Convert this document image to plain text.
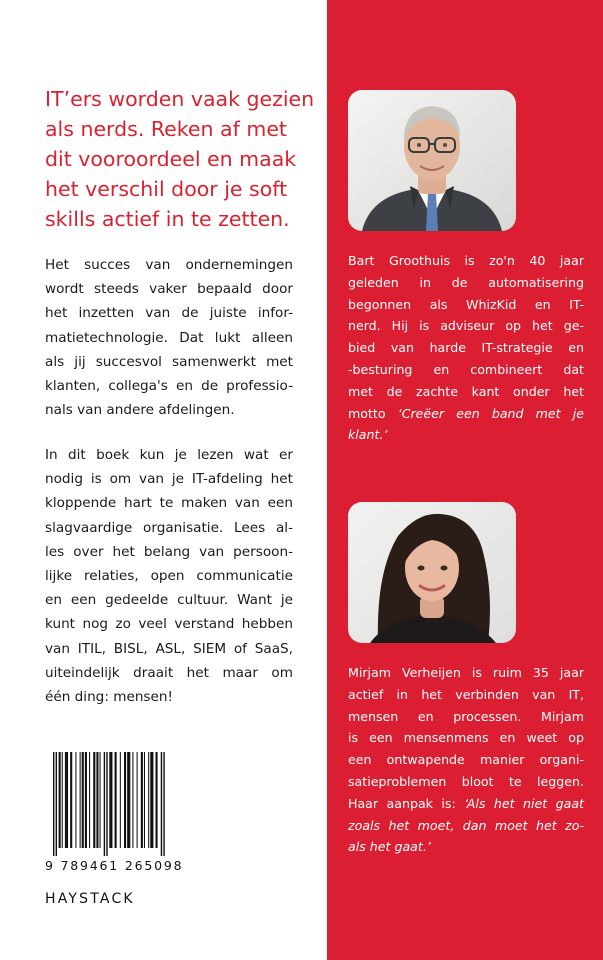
IT’ers worden vaak gezien
als nerds. Reken af met
dit vooroordeel en maak
het verschil door je soft
skills actief in te zetten.

Het succes van ondernemingen
wordt steeds vaker bepaald door
het inzetten van de juiste infor-
matietechnologie. Dat lukt alleen
als jij succesvol samenwerkt met
klanten, collega's en de professio-
nals van andere afdelingen.

In dit boek kun je lezen wat er
nodig is om van je IT-afdeling het
kloppende hart te maken van een
slagvaardige organisatie. Lees al-
les over het belang van persoon-
lijke relaties, open communicatie
en een gedeelde cultuur. Want je
kunt nog zo veel verstand hebben
van ITIL, BISL, ASL, SIEM of SaaS,
uiteindelijk draait het maar om
één ding: mensen!

Bart Groothuis is zo'n 40 jaar
geleden in de automatisering
begonnen als WhizKid en IT-
nerd. Hij is adviseur op het ge-
bied van harde IT-strategie en
-besturing en combineert dat
met de zachte kant onder het
motto ‘Creëer een band met je
klant.’
Mirjam Verheijen is ruim 35 jaar
actief in het verbinden van IT,
mensen en processen. Mirjam
is een mensenmens en weet op
een ontwapende manier organi-
satieproblemen bloot te leggen.
Haar aanpak is: ‘Als het niet gaat
zoals het moet, dan moet het zo-
als het gaat.’
9 789461 265098
HAYSTACK
